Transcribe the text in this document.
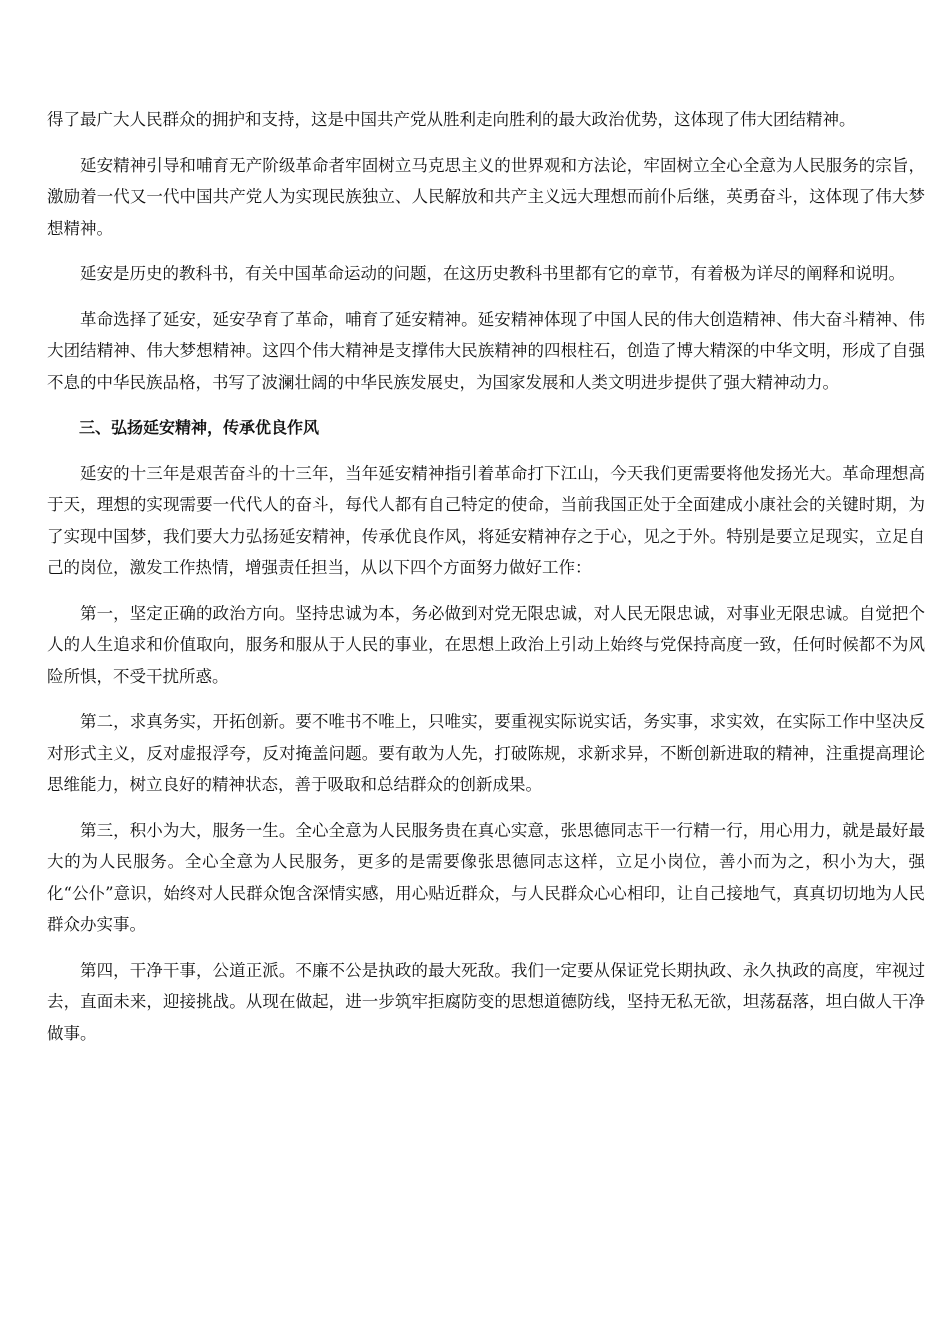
得了最广大人民群众的拥护和支持，这是中国共产党从胜利走向胜利的最大政治优势，这体现了伟大团结精神。

延安精神引导和哺育无产阶级革命者牢固树立马克思主义的世界观和方法论，牢固树立全心全意为人民服务的宗旨，激励着一代又一代中国共产党人为实现民族独立、人民解放和共产主义远大理想而前仆后继，英勇奋斗，这体现了伟大梦想精神。

延安是历史的教科书，有关中国革命运动的问题，在这历史教科书里都有它的章节，有着极为详尽的阐释和说明。

革命选择了延安，延安孕育了革命，哺育了延安精神。延安精神体现了中国人民的伟大创造精神、伟大奋斗精神、伟大团结精神、伟大梦想精神。这四个伟大精神是支撑伟大民族精神的四根柱石，创造了博大精深的中华文明，形成了自强不息的中华民族品格，书写了波澜壮阔的中华民族发展史，为国家发展和人类文明进步提供了强大精神动力。

三、弘扬延安精神，传承优良作风

延安的十三年是艰苦奋斗的十三年，当年延安精神指引着革命打下江山，今天我们更需要将他发扬光大。革命理想高于天，理想的实现需要一代代人的奋斗，每代人都有自己特定的使命，当前我国正处于全面建成小康社会的关键时期，为了实现中国梦，我们要大力弘扬延安精神，传承优良作风，将延安精神存之于心，见之于外。特别是要立足现实，立足自己的岗位，激发工作热情，增强责任担当，从以下四个方面努力做好工作：

第一，坚定正确的政治方向。坚持忠诚为本，务必做到对党无限忠诚，对人民无限忠诚，对事业无限忠诚。自觉把个人的人生追求和价值取向，服务和服从于人民的事业，在思想上政治上引动上始终与党保持高度一致，任何时候都不为风险所惧，不受干扰所惑。

第二，求真务实，开拓创新。要不唯书不唯上，只唯实，要重视实际说实话，务实事，求实效，在实际工作中坚决反对形式主义，反对虚报浮夸，反对掩盖问题。要有敢为人先，打破陈规，求新求异，不断创新进取的精神，注重提高理论思维能力，树立良好的精神状态，善于吸取和总结群众的创新成果。

第三，积小为大，服务一生。全心全意为人民服务贵在真心实意，张思德同志干一行精一行，用心用力，就是最好最大的为人民服务。全心全意为人民服务，更多的是需要像张思德同志这样，立足小岗位，善小而为之，积小为大，强化“公仆”意识，始终对人民群众饱含深情实感，用心贴近群众，与人民群众心心相印，让自己接地气，真真切切地为人民群众办实事。

第四，干净干事，公道正派。不廉不公是执政的最大死敌。我们一定要从保证党长期执政、永久执政的高度，牢视过去，直面未来，迎接挑战。从现在做起，进一步筑牢拒腐防变的思想道德防线，坚持无私无欲，坦荡磊落，坦白做人干净做事。
